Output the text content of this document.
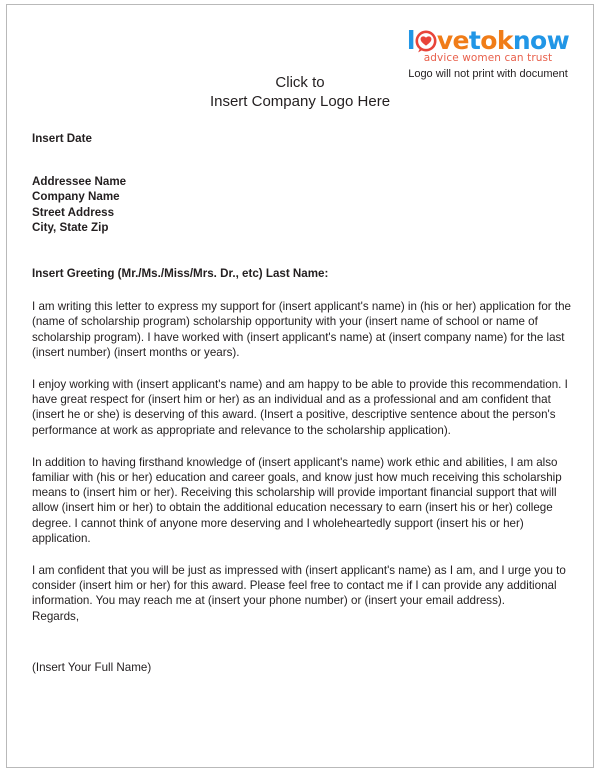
l vetoknow
advice women can trust
Logo will not print with document
Click to
Insert Company Logo Here
Insert Date
Addressee Name
Company Name
Street Address
City, State Zip
Insert Greeting (Mr./Ms./Miss/Mrs. Dr., etc) Last Name:

I am writing this letter to express my support for (insert applicant's name) in (his or her) application for the (name of scholarship program) scholarship opportunity with your (insert name of school or name of scholarship program). I have worked with (insert applicant's name) at (insert company name) for the last (insert number) (insert months or years).

I enjoy working with (insert applicant's name) and am happy to be able to provide this recommendation. I have great respect for (insert him or her) as an individual and as a professional and am confident that (insert he or she) is deserving of this award. (Insert a positive, descriptive sentence about the person's performance at work as appropriate and relevance to the scholarship application).

In addition to having firsthand knowledge of (insert applicant's name) work ethic and abilities, I am also familiar with (his or her) education and career goals, and know just how much receiving this scholarship means to (insert him or her). Receiving this scholarship will provide important financial support that will allow (insert him or her) to obtain the additional education necessary to earn (insert his or her) college degree. I cannot think of anyone more deserving and I wholeheartedly support (insert his or her) application.

I am confident that you will be just as impressed with (insert applicant's name) as I am, and I urge you to consider (insert him or her) for this award. Please feel free to contact me if I can provide any additional information. You may reach me at (insert your phone number) or (insert your email address).

Regards,
(Insert Your Full Name)
